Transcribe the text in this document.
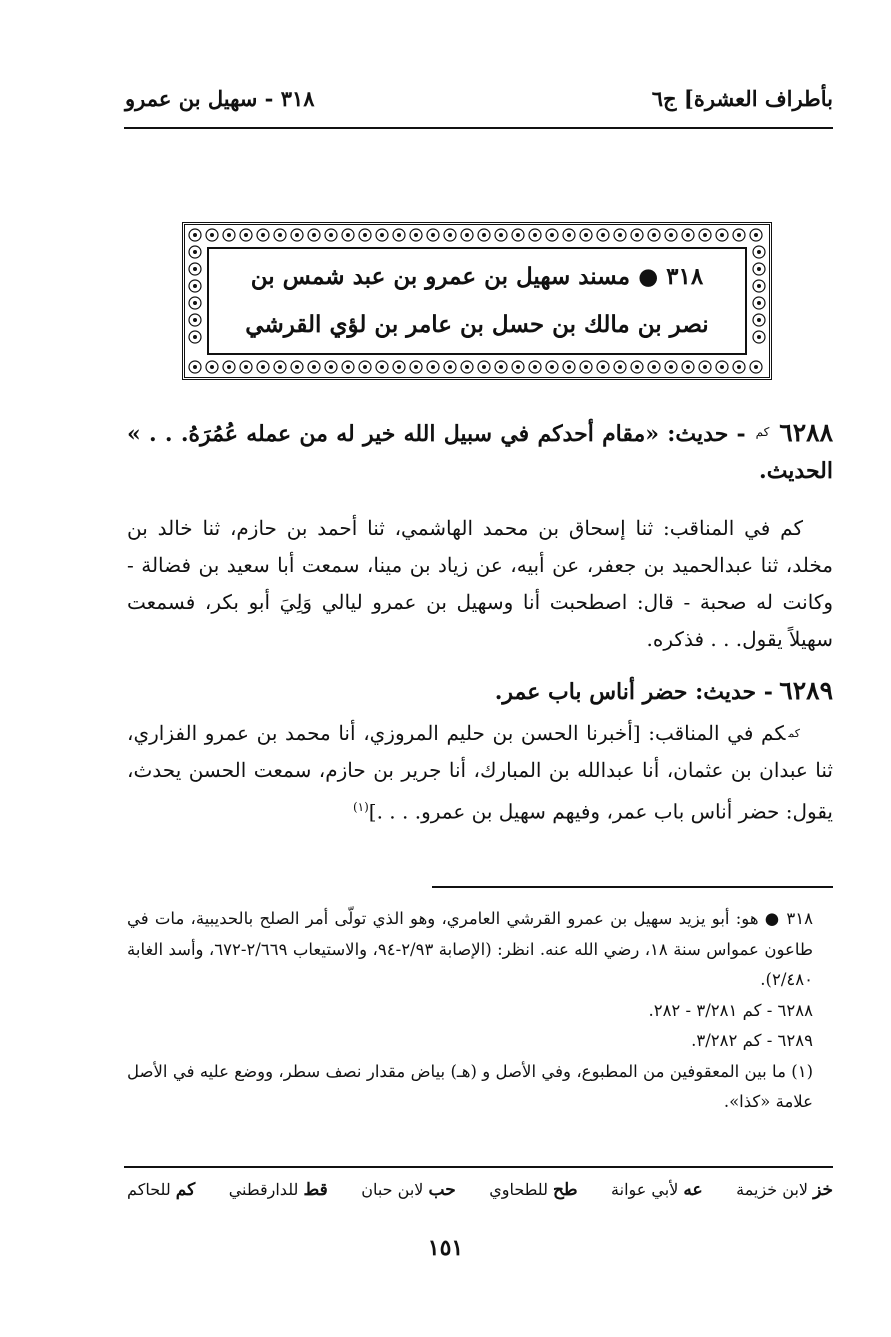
بأطراف العشرة] ج٦
٣١٨ - سهيل بن عمرو
٣١٨ ● مسند سهيل بن عمرو بن عبد شمس بن
نصر بن مالك بن حسل بن عامر بن لؤي القرشي

٦٢٨٨ $^{كم}$ - حديث: «مقام أحدكم في سبيل الله خير له من عمله عُمُرَهُ. . . » الحديث.

كم في المناقب: ثنا إسحاق بن محمد الهاشمي، ثنا أحمد بن حازم، ثنا خالد بن مخلد، ثنا عبدالحميد بن جعفر، عن أبيه، عن زياد بن مينا، سمعت أبا سعيد بن فضالة - وكانت له صحبة - قال: اصطحبت أنا وسهيل بن عمرو ليالي وَلِيَ أبو بكر، فسمعت سهيلاً يقول. . . فذكره.

٦٢٨٩ - حديث: حضر أناس باب عمر.

$^{كم}$كم في المناقب: [أخبرنا الحسن بن حليم المروزي، أنا محمد بن عمرو الفزاري، ثنا عبدان بن عثمان، أنا عبدالله بن المبارك، أنا جرير بن حازم، سمعت الحسن يحدث، يقول: حضر أناس باب عمر، وفيهم سهيل بن عمرو. . . .]$^{(١)}$

٣١٨ ● هو: أبو يزيد سهيل بن عمرو القرشي العامري، وهو الذي تولّى أمر الصلح بالحديبية، مات في طاعون عمواس سنة ١٨، رضي الله عنه. انظر: (الإصابة ٢/٩٣-٩٤، والاستيعاب ٢/٦٦٩-٦٧٢، وأسد الغابة ٢/٤٨٠).

٦٢٨٨ - كم ٣/٢٨١ - ٢٨٢.

٦٢٨٩ - كم ٣/٢٨٢.

(١) ما بين المعقوفين من المطبوع، وفي الأصل و (هـ) بياض مقدار نصف سطر، ووضع عليه في الأصل علامة «كذا».

خز لابن خزيمة
عه لأبي عوانة
طح للطحاوي
حب لابن حبان
قط للدارقطني
كم للحاكم
١٥١
